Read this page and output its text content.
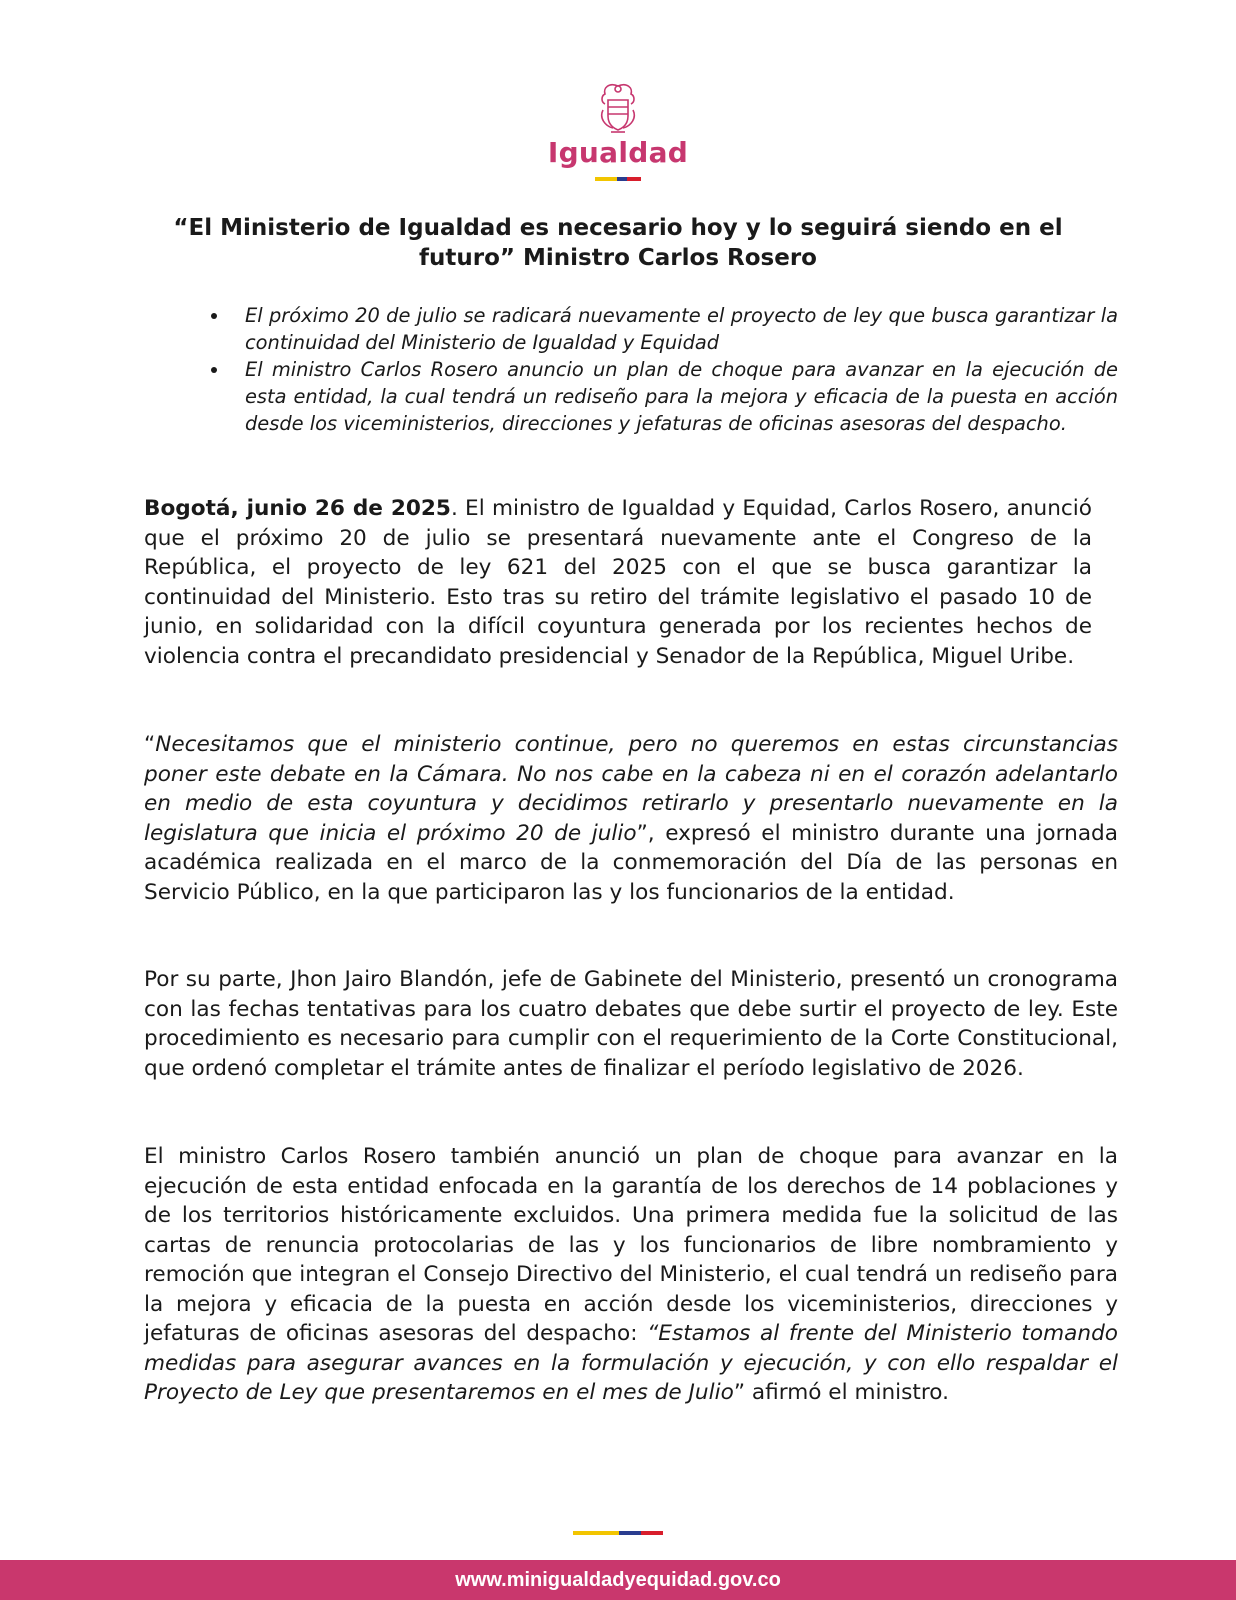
Igualdad
“El Ministerio de Igualdad es necesario hoy y lo seguirá siendo en el
futuro” Ministro Carlos Rosero
El próximo 20 de julio se radicará nuevamente el proyecto de ley que busca garantizar la continuidad del Ministerio de Igualdad y Equidad
El ministro Carlos Rosero anuncio un plan de choque para avanzar en la ejecución de esta entidad, la cual tendrá un rediseño para la mejora y eficacia de la puesta en acción desde los viceministerios, direcciones y jefaturas de oficinas asesoras del despacho.

Bogotá, junio 26 de 2025. El ministro de Igualdad y Equidad, Carlos Rosero, anunció que el próximo 20 de julio se presentará nuevamente ante el Congreso de la República, el proyecto de ley 621 del 2025 con el que se busca garantizar la continuidad del Ministerio. Esto tras su retiro del trámite legislativo el pasado 10 de junio, en solidaridad con la difícil coyuntura generada por los recientes hechos de violencia contra el precandidato presidencial y Senador de la República, Miguel Uribe.

“Necesitamos que el ministerio continue, pero no queremos en estas circunstancias poner este debate en la Cámara. No nos cabe en la cabeza ni en el corazón adelantarlo en medio de esta coyuntura y decidimos retirarlo y presentarlo nuevamente en la legislatura que inicia el próximo 20 de julio”, expresó el ministro durante una jornada académica realizada en el marco de la conmemoración del Día de las personas en Servicio Público, en la que participaron las y los funcionarios de la entidad.

Por su parte, Jhon Jairo Blandón, jefe de Gabinete del Ministerio, presentó un cronograma con las fechas tentativas para los cuatro debates que debe surtir el proyecto de ley. Este procedimiento es necesario para cumplir con el requerimiento de la Corte Constitucional, que ordenó completar el trámite antes de finalizar el período legislativo de 2026.

El ministro Carlos Rosero también anunció un plan de choque para avanzar en la ejecución de esta entidad enfocada en la garantía de los derechos de 14 poblaciones y de los territorios históricamente excluidos. Una primera medida fue la solicitud de las cartas de renuncia protocolarias de las y los funcionarios de libre nombramiento y remoción que integran el Consejo Directivo del Ministerio, el cual tendrá un rediseño para la mejora y eficacia de la puesta en acción desde los viceministerios, direcciones y jefaturas de oficinas asesoras del despacho: “Estamos al frente del Ministerio tomando medidas para asegurar avances en la formulación y ejecución, y con ello respaldar el Proyecto de Ley que presentaremos en el mes de Julio” afirmó el ministro.

www.minigualdadyequidad.gov.co
